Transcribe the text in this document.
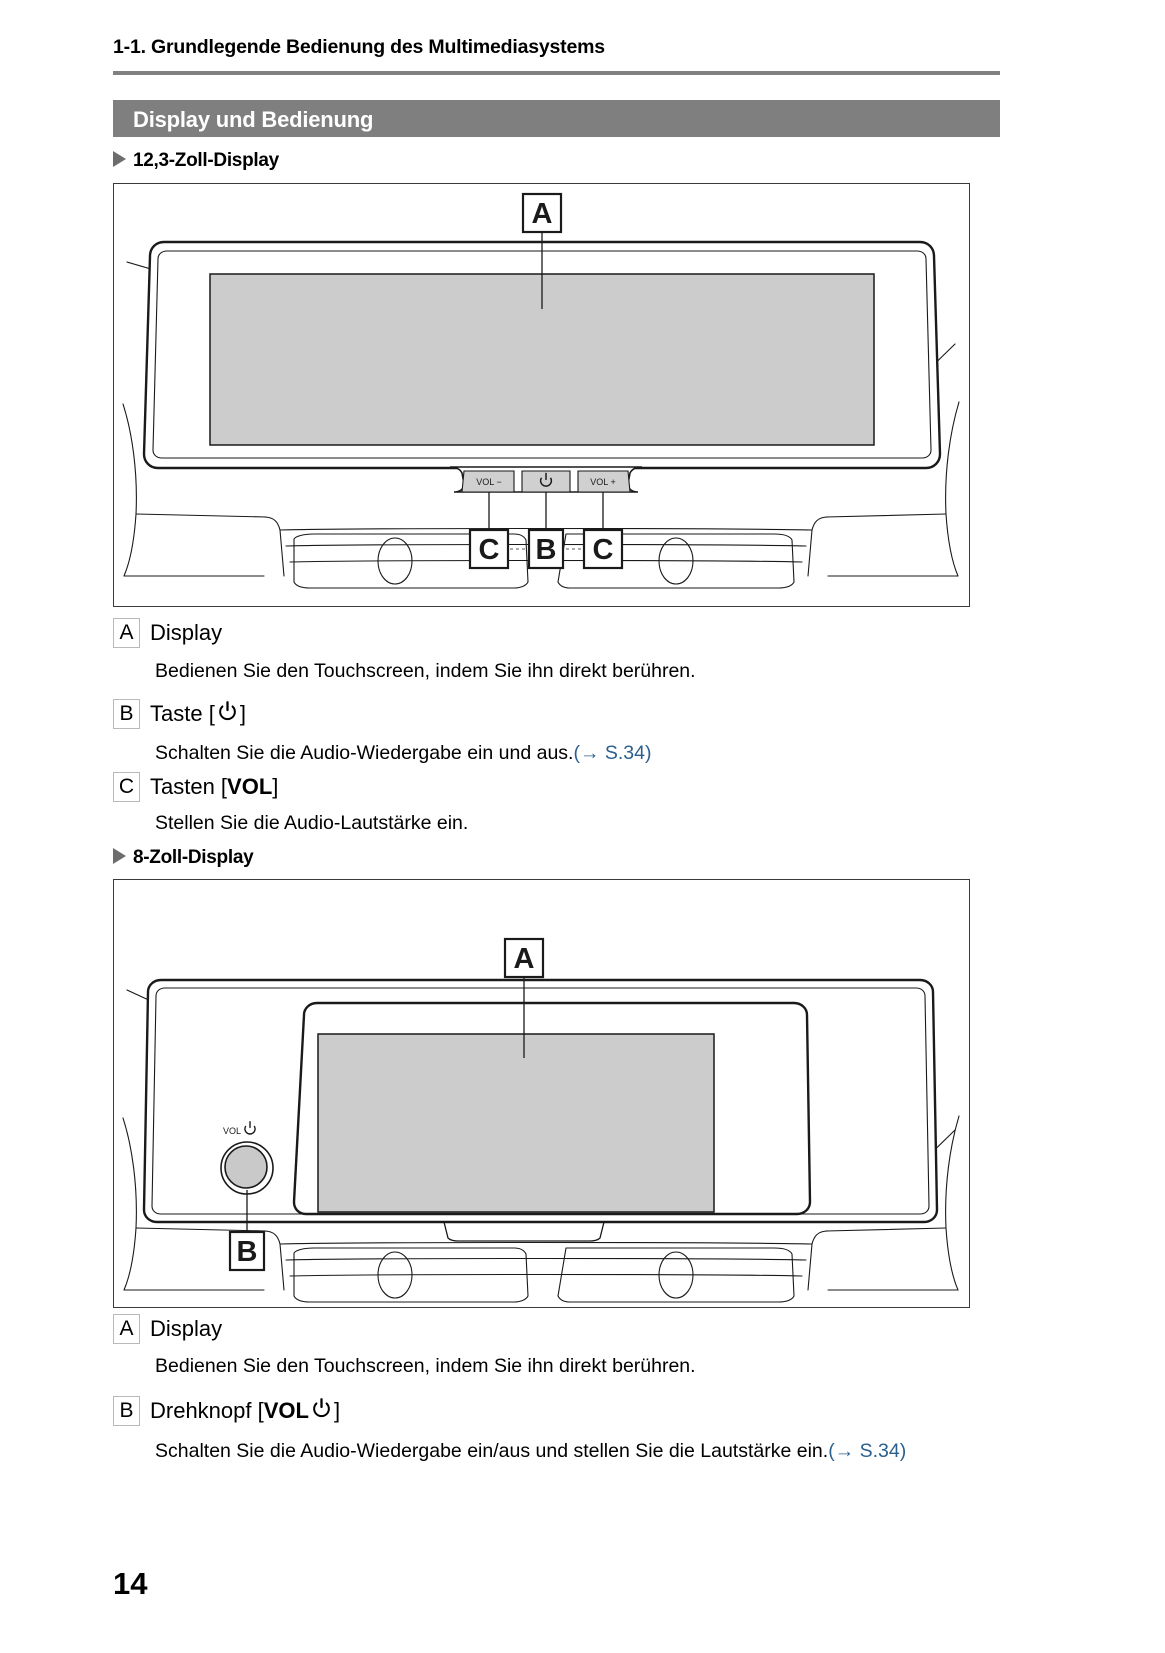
1-1. Grundlegende Bedienung des Multimediasystems
Display und Bedienung
12,3-Zoll-Display
VOL −	VOL +
A
C B C
A Display
Bedienen Sie den Touchscreen, indem Sie ihn direkt berühren.
B Taste [ ]
Schalten Sie die Audio-Wiedergabe ein und aus.(→ S.34)
C Tasten [VOL]
Stellen Sie die Audio-Lautstärke ein.
8-Zoll-Display
VOL
A
B
A Display
Bedienen Sie den Touchscreen, indem Sie ihn direkt berühren.
B Drehknopf [VOL ]
Schalten Sie die Audio-Wiedergabe ein/aus und stellen Sie die Lautstärke ein.(→ S.34)
14
